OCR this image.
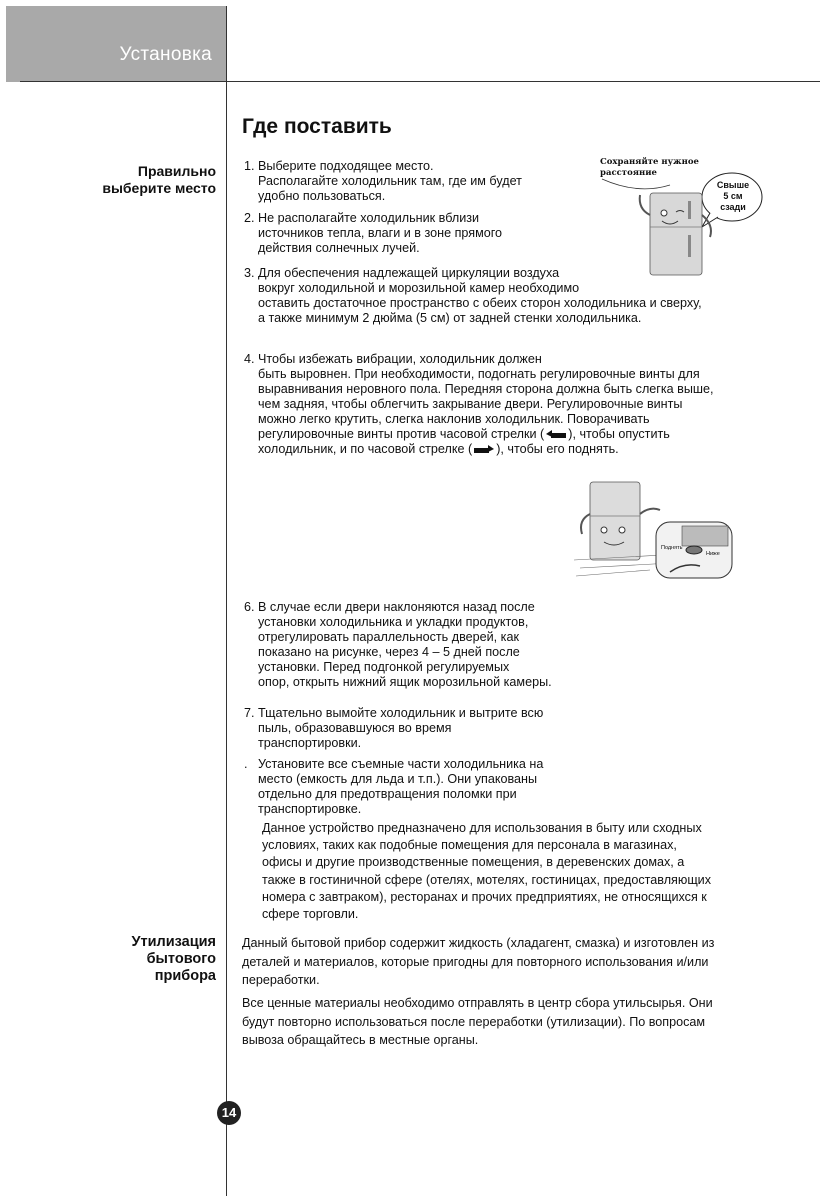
Установка
Где поставить
Правильно
выберите место
Утилизация
бытового
прибора
1. Выберите подходящее место.
Располагайте холодильник там, где им будет
удобно пользоваться.
2. Не располагайте холодильник вблизи
источников тепла, влаги и в зоне прямого
действия солнечных лучей.
3. Для обеспечения надлежащей циркуляции воздуха
вокруг холодильной и морозильной камер необходимо
оставить достаточное пространство с обеих сторон холодильника и сверху,
а также минимум 2 дюйма (5 см) от задней стенки холодильника.
4. Чтобы избежать вибрации, холодильник должен
быть выровнен. При необходимости, подогнать регулировочные винты для
выравнивания неровного пола. Передняя сторона должна быть слегка выше,
чем задняя, чтобы облегчить закрывание двери. Регулировочные винты
можно легко крутить, слегка наклонив холодильник. Поворачивать
регулировочные винты против часовой стрелки ( ), чтобы опустить
холодильник, и по часовой стрелке ( ), чтобы его поднять.
Сохраняйте нужное
расстояние
Свыше
5 см
сзади
Поднять
Ниже
6. В случае если двери наклоняются назад после
установки холодильника и укладки продуктов,
отрегулировать параллельность дверей, как
показано на рисунке, через 4 – 5 дней после
установки. Перед подгонкой регулируемых
опор, открыть нижний ящик морозильной камеры.
7. Тщательно вымойте холодильник и вытрите всю
пыль, образовавшуюся во время
транспортировки.
. Установите все съемные части холодильника на
место (емкость для льда и т.п.). Они упакованы
отдельно для предотвращения поломки при
транспортировке.
Данное устройство предназначено для использования в быту или сходных
условиях, таких как подобные помещения для персонала в магазинах,
офисы и другие производственные помещения, в деревенских домах, а
также в гостиничной сфере (отелях, мотелях, гостиницах, предоставляющих
номера с завтраком), ресторанах и прочих предприятиях, не относящихся к
сфере торговли.
Данный бытовой прибор содержит жидкость (хладагент, смазка) и изготовлен из
деталей и материалов, которые пригодны для повторного использования и/или
переработки.
Все ценные материалы необходимо отправлять в центр сбора утильсырья. Они
будут повторно использоваться после переработки (утилизации). По вопросам
вывоза обращайтесь в местные органы.
14
